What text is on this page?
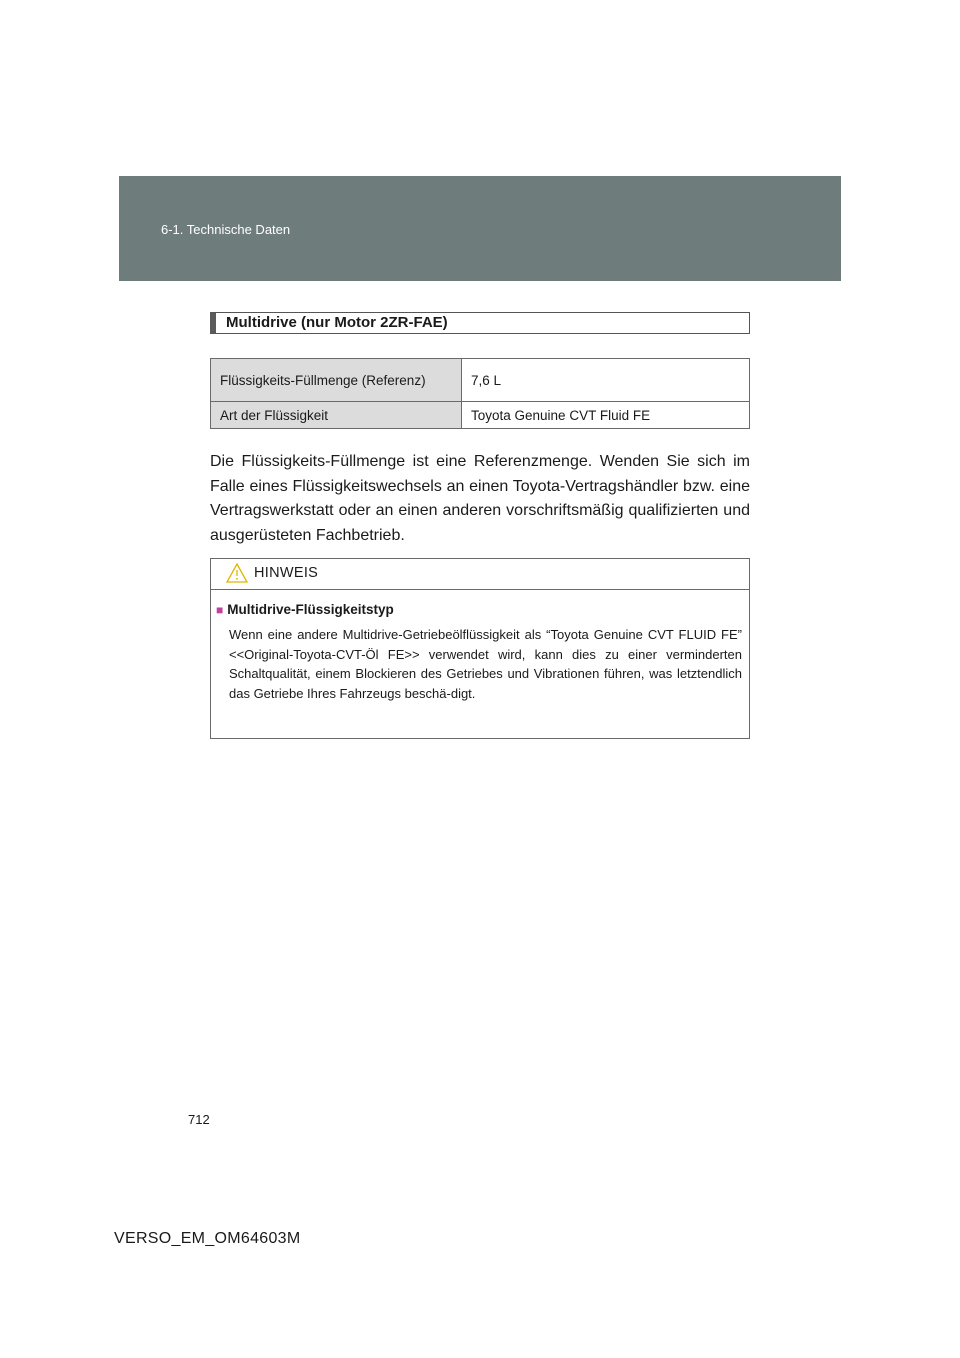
6-1. Technische Daten
Multidrive (nur Motor 2ZR-FAE)
Flüssigkeits-Füllmenge (Referenz)	7,6 L
Art der Flüssigkeit	Toyota Genuine CVT Fluid FE

Die Flüssigkeits-Füllmenge ist eine Referenzmenge. Wenden Sie sich im Falle eines Flüssigkeitswechsels an einen Toyota-Vertragshändler bzw. eine Vertragswerkstatt oder an einen anderen vorschriftsmäßig qualifizierten und ausgerüsteten Fachbetrieb.

HINWEIS
■ Multidrive-Flüssigkeitstyp
Wenn eine andere Multidrive-Getriebeölflüssigkeit als “Toyota Genuine CVT FLUID FE” <<Original-Toyota-CVT-Öl FE>> verwendet wird, kann dies zu einer verminderten Schaltqualität, einem Blockieren des Getriebes und Vibrationen führen, was letztendlich das Getriebe Ihres Fahrzeugs beschä-digt.
712
VERSO_EM_OM64603M
